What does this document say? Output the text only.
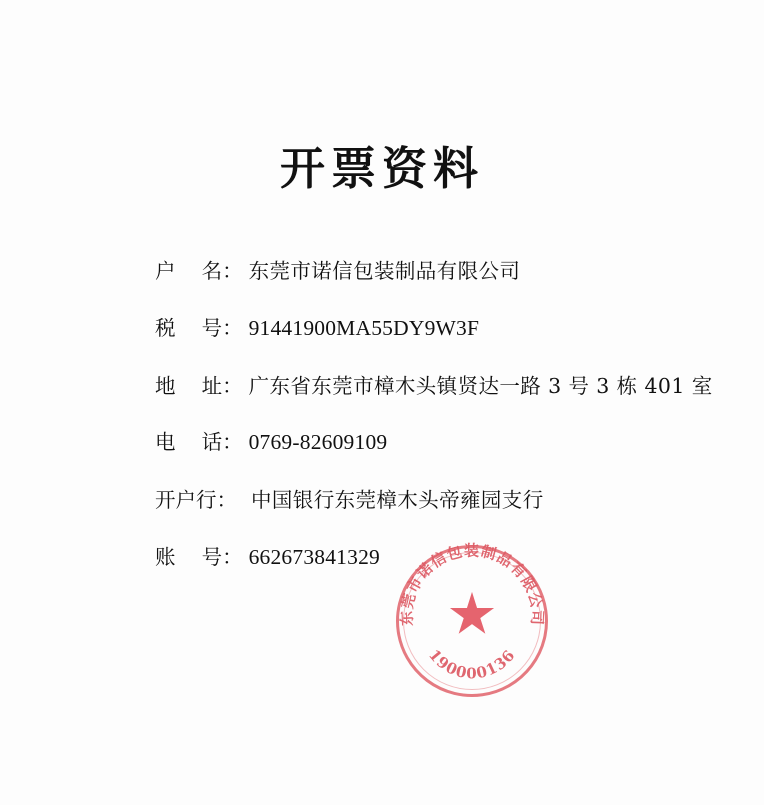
开票资料
户    名 ： 东莞市诺信包装制品有限公司
税    号 ： 91441900MA55DY9W3F
地    址 ： 广东省东莞市樟木头镇贤达一路 3 号 3 栋 401 室
电    话 ： 0769-82609109
开户行 ： 中国银行东莞樟木头帝雍园支行
账    号 ： 662673841329
东莞市诺信包装制品有限公司
4419000013691
